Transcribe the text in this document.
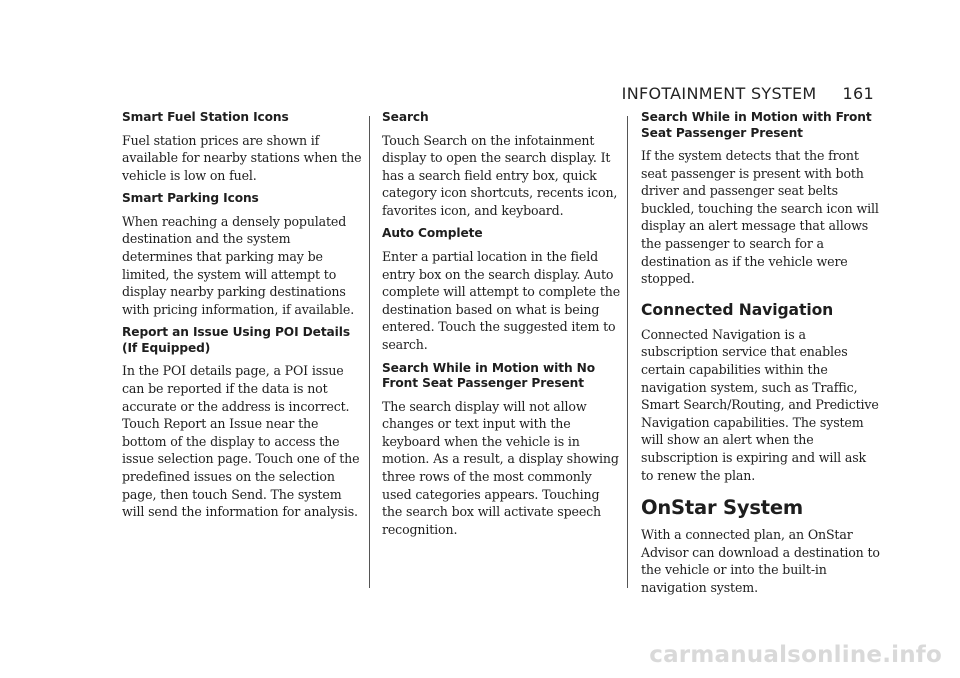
INFOTAINMENT SYSTEM 161
Smart Fuel Station Icons
Fuel station prices are shown if available for nearby stations when the vehicle is low on fuel.
Smart Parking Icons
When reaching a densely populated destination and the system determines that parking may be limited, the system will attempt to display nearby parking destinations with pricing information, if available.
Report an Issue Using POI Details (If Equipped)
In the POI details page, a POI issue can be reported if the data is not accurate or the address is incorrect. Touch Report an Issue near the bottom of the display to access the issue selection page. Touch one of the predefined issues on the selection page, then touch Send. The system will send the information for analysis.
Search
Touch Search on the infotainment display to open the search display. It has a search field entry box, quick category icon shortcuts, recents icon, favorites icon, and keyboard.
Auto Complete
Enter a partial location in the field entry box on the search display. Auto complete will attempt to complete the destination based on what is being entered. Touch the suggested item to search.
Search While in Motion with No Front Seat Passenger Present
The search display will not allow changes or text input with the keyboard when the vehicle is in motion. As a result, a display showing three rows of the most commonly used categories appears. Touching the search box will activate speech recognition.
Search While in Motion with Front Seat Passenger Present
If the system detects that the front seat passenger is present with both driver and passenger seat belts buckled, touching the search icon will display an alert message that allows the passenger to search for a destination as if the vehicle were stopped.
Connected Navigation
Connected Navigation is a subscription service that enables certain capabilities within the navigation system, such as Traffic, Smart Search/Routing, and Predictive Navigation capabilities. The system will show an alert when the subscription is expiring and will ask to renew the plan.
OnStar System
With a connected plan, an OnStar Advisor can download a destination to the vehicle or into the built-in navigation system.
carmanualsonline.info
